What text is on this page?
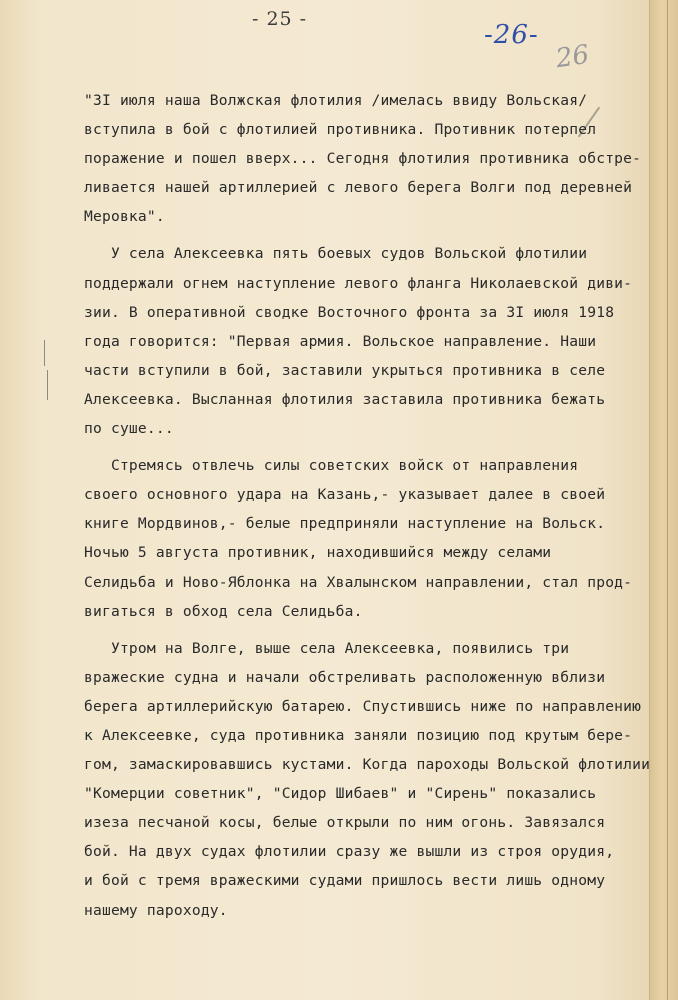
- 25 -
-26-
26
"3I июля наша Волжская флотилия /имелась ввиду Вольская/
вступила в бой с флотилией противника. Противник потерпел
поражение и пошел вверх... Сегодня флотилия противника обстре-
ливается нашей артиллерией с левого берега Волги под деревней
Меровка".
У села Алексеевка пять боевых судов Вольской флотилии
поддержали огнем наступление левого фланга Николаевской диви-
зии. В оперативной сводке Восточного фронта за 3I июля 1918
года говорится: "Первая армия. Вольское направление. Наши
части вступили в бой, заставили укрыться противника в селе
Алексеевка. Высланная флотилия заставила противника бежать
по суше...
Стремясь отвлечь силы советских войск от направления
своего основного удара на Казань,- указывает далее в своей
книге Мордвинов,- белые предприняли наступление на Вольск.
Ночью 5 августа противник, находившийся между селами
Селидьба и Ново-Яблонка на Хвалынском направлении, стал прод-
вигаться в обход села Селидьба.
Утром на Волге, выше села Алексеевка, появились три
вражеские судна и начали обстреливать расположенную вблизи
берега артиллерийскую батарею. Спустившись ниже по направлению
к Алексеевке, суда противника заняли позицию под крутым бере-
гом, замаскировавшись кустами. Когда пароходы Вольской флотилии
"Комерции советник", "Сидор Шибаев" и "Сирень" показались
изеза песчаной косы, белые открыли по ним огонь. Завязался
бой. На двух судах флотилии сразу же вышли из строя орудия,
и бой с тремя вражескими судами пришлось вести лишь одному
нашему пароходу.
